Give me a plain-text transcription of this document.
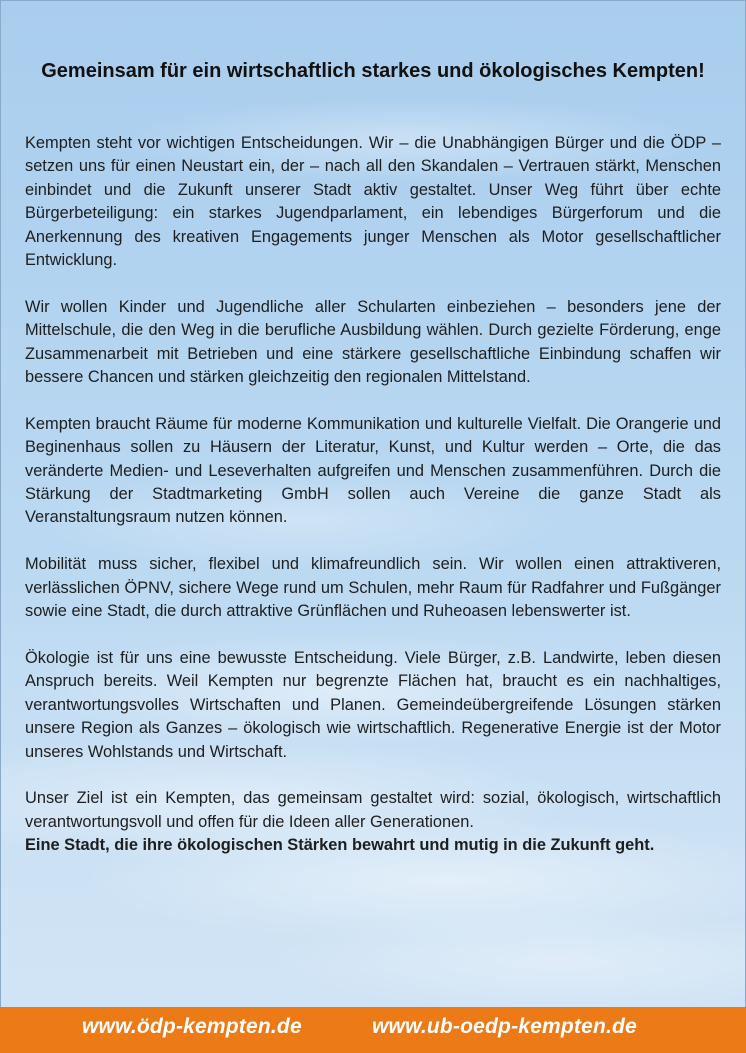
Gemeinsam für ein wirtschaftlich starkes und ökologisches Kempten!

Kempten steht vor wichtigen Entscheidungen. Wir – die Unabhängigen Bürger und die ÖDP – setzen uns für einen Neustart ein, der – nach all den Skandalen – Vertrauen stärkt, Menschen einbindet und die Zukunft unserer Stadt aktiv gestaltet. Unser Weg führt über echte Bürgerbeteiligung: ein starkes Jugendparlament, ein lebendiges Bürgerforum und die Anerkennung des kreativen Engagements junger Menschen als Motor gesellschaftlicher Entwicklung.

Wir wollen Kinder und Jugendliche aller Schularten einbeziehen – besonders jene der Mittelschule, die den Weg in die berufliche Ausbildung wählen. Durch gezielte Förderung, enge Zusammenarbeit mit Betrieben und eine stärkere gesellschaftliche Einbindung schaffen wir bessere Chancen und stärken gleichzeitig den regionalen Mittelstand.

Kempten braucht Räume für moderne Kommunikation und kulturelle Vielfalt. Die Orangerie und Beginenhaus sollen zu Häusern der Literatur, Kunst, und Kultur werden – Orte, die das veränderte Medien- und Leseverhalten aufgreifen und Menschen zusammenführen. Durch die Stärkung der Stadtmarketing GmbH sollen auch Vereine die ganze Stadt als Veranstaltungsraum nutzen können.

Mobilität muss sicher, flexibel und klimafreundlich sein. Wir wollen einen attraktiveren, verlässlichen ÖPNV, sichere Wege rund um Schulen, mehr Raum für Radfahrer und Fußgänger sowie eine Stadt, die durch attraktive Grünflächen und Ruheoasen lebenswerter ist.

Ökologie ist für uns eine bewusste Entscheidung. Viele Bürger, z.B. Landwirte, leben diesen Anspruch bereits. Weil Kempten nur begrenzte Flächen hat, braucht es ein nachhaltiges, verantwortungsvolles Wirtschaften und Planen. Gemeindeübergreifende Lösungen stärken unsere Region als Ganzes – ökologisch wie wirtschaftlich. Regenerative Energie ist der Motor unseres Wohlstands und Wirtschaft.

Unser Ziel ist ein Kempten, das gemeinsam gestaltet wird: sozial, ökologisch, wirtschaftlich verantwortungsvoll und offen für die Ideen aller Generationen.
Eine Stadt, die ihre ökologischen Stärken bewahrt und mutig in die Zukunft geht.

www.ödp-kempten.de	www.ub-oedp-kempten.de
